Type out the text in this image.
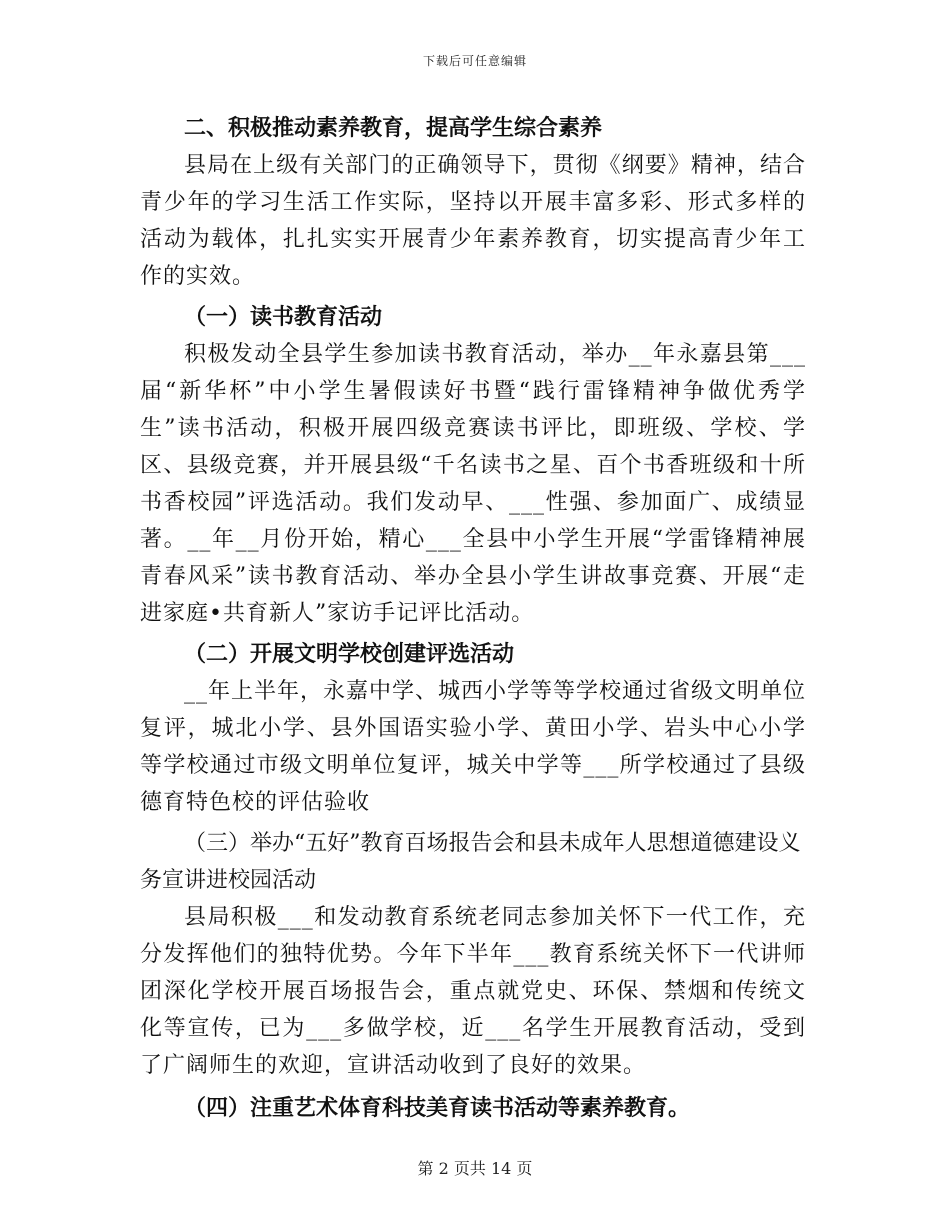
下载后可任意编辑

二、积极推动素养教育，提高学生综合素养

县局在上级有关部门的正确领导下，贯彻《纲要》精神，结合青少年的学习生活工作实际，坚持以开展丰富多彩、形式多样的活动为载体，扎扎实实开展青少年素养教育，切实提高青少年工作的实效。

（一）读书教育活动

积极发动全县学生参加读书教育活动，举办__年永嘉县第___届“新华杯”中小学生暑假读好书暨“践行雷锋精神争做优秀学生”读书活动，积极开展四级竞赛读书评比，即班级、学校、学区、县级竞赛，并开展县级“千名读书之星、百个书香班级和十所书香校园”评选活动。我们发动早、___性强、参加面广、成绩显著。__年__月份开始，精心___全县中小学生开展“学雷锋精神展青春风采”读书教育活动、举办全县小学生讲故事竞赛、开展“走进家庭•共育新人”家访手记评比活动。

（二）开展文明学校创建评选活动

__年上半年，永嘉中学、城西小学等等学校通过省级文明单位复评，城北小学、县外国语实验小学、黄田小学、岩头中心小学等学校通过市级文明单位复评，城关中学等___所学校通过了县级德育特色校的评估验收

（三）举办“五好”教育百场报告会和县未成年人思想道德建设义务宣讲进校园活动

县局积极___和发动教育系统老同志参加关怀下一代工作，充分发挥他们的独特优势。今年下半年___教育系统关怀下一代讲师团深化学校开展百场报告会，重点就党史、环保、禁烟和传统文化等宣传，已为___多做学校，近___名学生开展教育活动，受到了广阔师生的欢迎，宣讲活动收到了良好的效果。

（四）注重艺术体育科技美育读书活动等素养教育。

第 2 页共 14 页
